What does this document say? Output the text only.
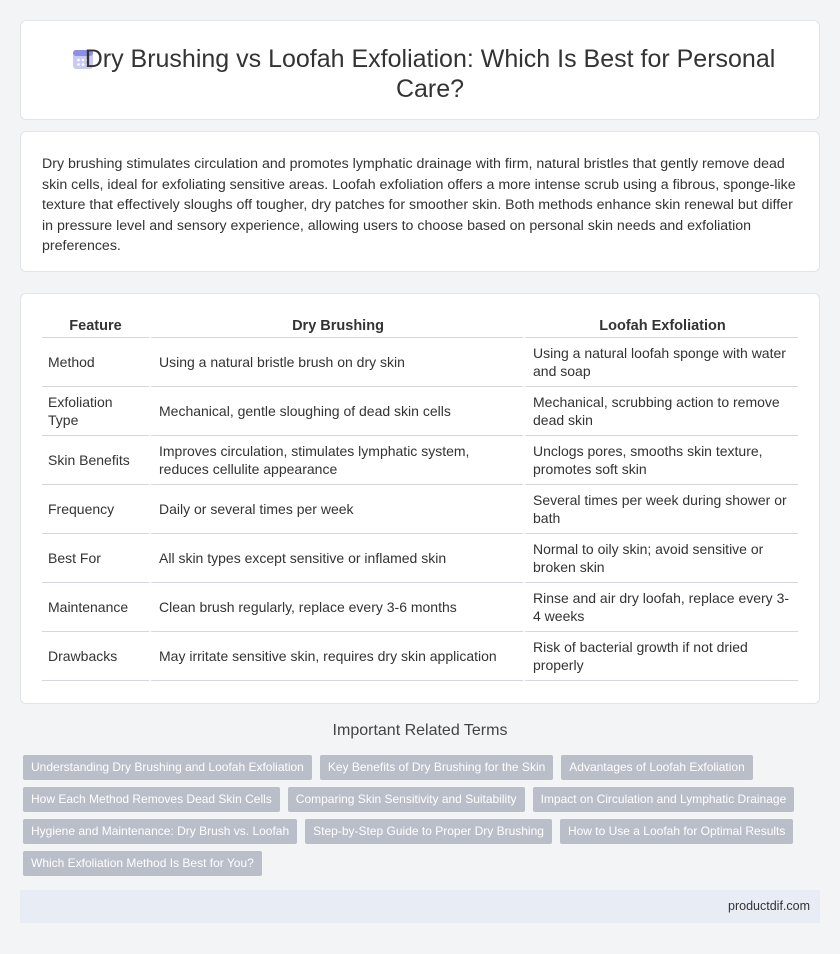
Dry Brushing vs Loofah Exfoliation: Which Is Best for Personal Care?

Dry brushing stimulates circulation and promotes lymphatic drainage with firm, natural bristles that gently remove dead skin cells, ideal for exfoliating sensitive areas. Loofah exfoliation offers a more intense scrub using a fibrous, sponge-like texture that effectively sloughs off tougher, dry patches for smoother skin. Both methods enhance skin renewal but differ in pressure level and sensory experience, allowing users to choose based on personal skin needs and exfoliation preferences.

Feature	Dry Brushing	Loofah Exfoliation
Method	Using a natural bristle brush on dry skin	Using a natural loofah sponge with water and soap
Exfoliation Type	Mechanical, gentle sloughing of dead skin cells	Mechanical, scrubbing action to remove dead skin
Skin Benefits	Improves circulation, stimulates lymphatic system, reduces cellulite appearance	Unclogs pores, smooths skin texture, promotes soft skin
Frequency	Daily or several times per week	Several times per week during shower or bath
Best For	All skin types except sensitive or inflamed skin	Normal to oily skin; avoid sensitive or broken skin
Maintenance	Clean brush regularly, replace every 3-6 months	Rinse and air dry loofah, replace every 3-4 weeks
Drawbacks	May irritate sensitive skin, requires dry skin application	Risk of bacterial growth if not dried properly
Important Related Terms
Understanding Dry Brushing and Loofah Exfoliation	Key Benefits of Dry Brushing for the Skin	Advantages of Loofah Exfoliation
How Each Method Removes Dead Skin Cells	Comparing Skin Sensitivity and Suitability	Impact on Circulation and Lymphatic Drainage
Hygiene and Maintenance: Dry Brush vs. Loofah	Step-by-Step Guide to Proper Dry Brushing	How to Use a Loofah for Optimal Results
Which Exfoliation Method Is Best for You?
productdif.com
